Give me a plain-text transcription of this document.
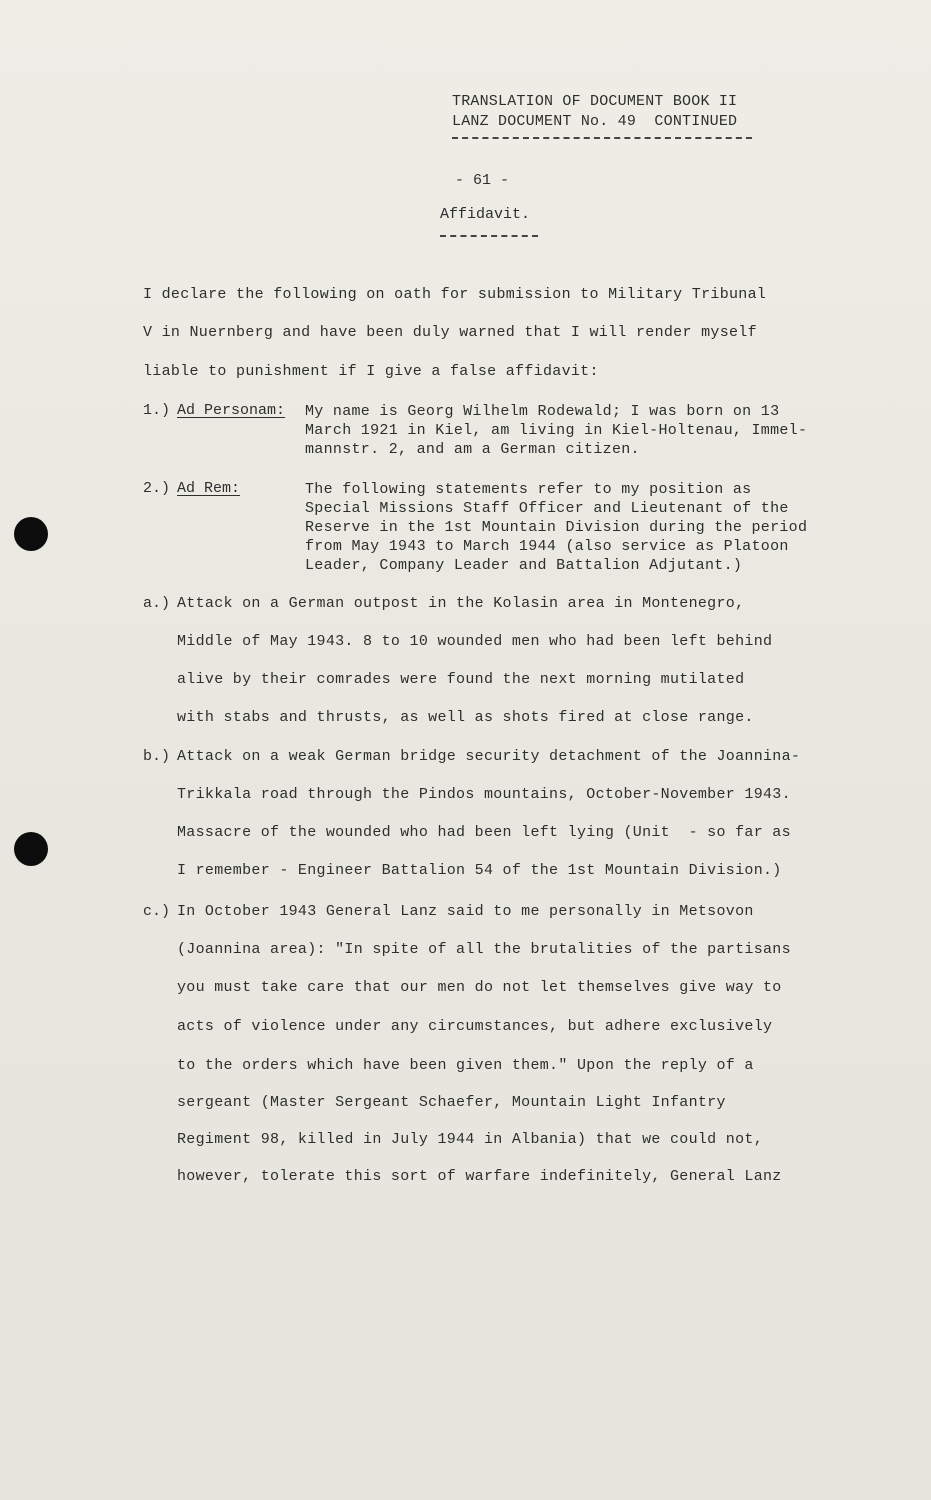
TRANSLATION OF DOCUMENT BOOK II
LANZ DOCUMENT No. 49  CONTINUED
- 61 -
Affidavit.
I declare the following on oath for submission to Military Tribunal
V in Nuernberg and have been duly warned that I will render myself
liable to punishment if I give a false affidavit:
1.) Ad Personam: My name is Georg Wilhelm Rodewald; I was born on 13
March 1921 in Kiel, am living in Kiel-Holtenau, Immel-
mannstr. 2, and am a German citizen.
2.) Ad Rem:	The following statements refer to my position as
Special Missions Staff Officer and Lieutenant of the
Reserve in the 1st Mountain Division during the period
from May 1943 to March 1944 (also service as Platoon
Leader, Company Leader and Battalion Adjutant.)
a.) Attack on a German outpost in the Kolasin area in Montenegro,
Middle of May 1943. 8 to 10 wounded men who had been left behind
alive by their comrades were found the next morning mutilated
with stabs and thrusts, as well as shots fired at close range.
b.) Attack on a weak German bridge security detachment of the Joannina-
Trikkala road through the Pindos mountains, October-November 1943.
Massacre of the wounded who had been left lying (Unit  - so far as
I remember - Engineer Battalion 54 of the 1st Mountain Division.)
c.) In October 1943 General Lanz said to me personally in Metsovon
(Joannina area): "In spite of all the brutalities of the partisans
you must take care that our men do not let themselves give way to
acts of violence under any circumstances, but adhere exclusively
to the orders which have been given them." Upon the reply of a
sergeant (Master Sergeant Schaefer, Mountain Light Infantry
Regiment 98, killed in July 1944 in Albania) that we could not,
however, tolerate this sort of warfare indefinitely, General Lanz
